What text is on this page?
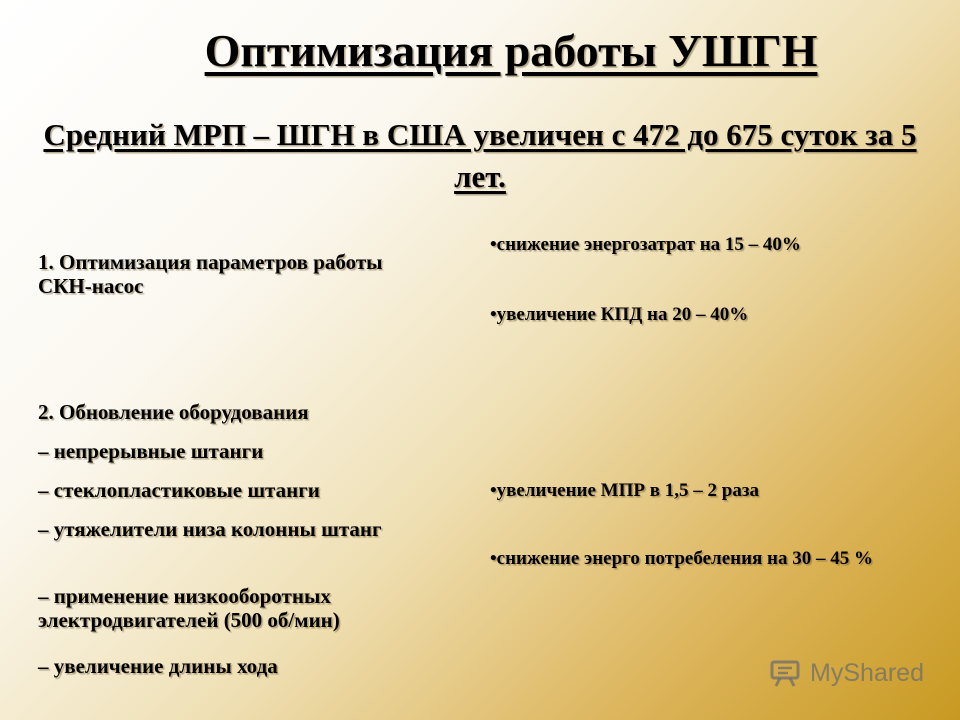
Оптимизация работы УШГН
Средний МРП – ШГН в США увеличен с 472 до 675 суток за 5 лет.
1. Оптимизация параметров работы СКН-насос
2. Обновление оборудования
– непрерывные штанги
– стеклопластиковые штанги
– утяжелители низа колонны штанг
– применение низкооборотных электродвигателей (500 об/мин)
– увеличение длины хода
• снижение энергозатрат на 15 – 40%
• увеличение КПД на 20 – 40%
• увеличение МПР в 1,5 – 2 раза
• снижение энерго потребеления на 30 – 45 %
MyShared
